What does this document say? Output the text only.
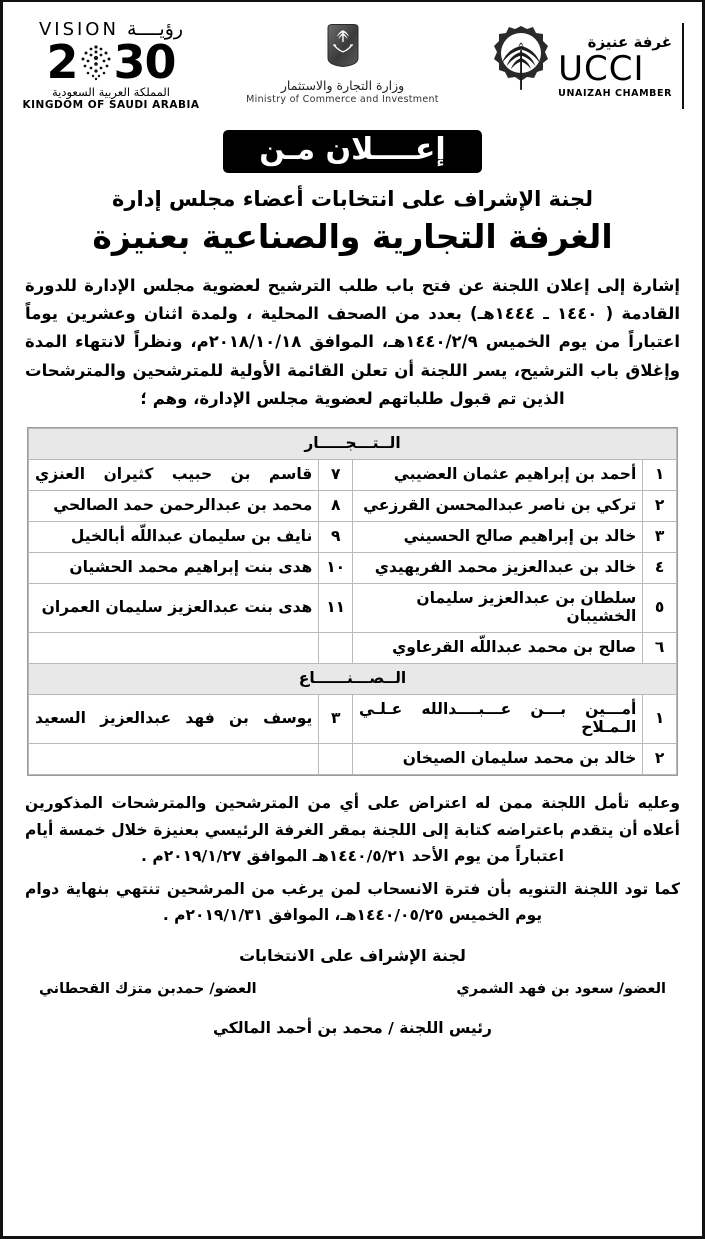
رؤيــــة
VISION
30
2
المملكة العربية السعودية
KINGDOM OF SAUDI ARABIA
وزارة التجارة والاستثمار
Ministry of Commerce and Investment
غرفة عنيزة
UCCI
UNAIZAH CHAMBER
إعــــلان مـن
لجنة الإشراف على انتخابات أعضاء مجلس إدارة
الغرفة التجارية والصناعية بعنيزة

إشارة إلى إعلان اللجنة عن فتح باب طلب الترشيح لعضوية مجلس الإدارة للدورة القادمة ( ١٤٤٠ ـ ١٤٤٤هـ) بعدد من الصحف المحلية ، ولمدة اثنان وعشرين يوماً اعتباراً من يوم الخميس ١٤٤٠/٢/٩هـ، الموافق ٢٠١٨/١٠/١٨م، ونظراً لانتهاء المدة وإغلاق باب الترشيح، يسر اللجنة أن تعلن القائمة الأولية للمترشحين والمترشحات الذين تم قبول طلباتهم لعضوية مجلس الإدارة، وهم ؛

الــتـــجـــــار			
١	أحمد بن إبراهيم عثمان العضيبي	٧	قاسم بن حبيب كثيران العنزي
٢	تركي بن ناصر عبدالمحسن القرزعي	٨	محمد بن عبدالرحمن حمد الصالحي
٣	خالد بن إبراهيم صالح الحسيني	٩	نايف بن سليمان عبداللّه أبالخيل
٤	خالد بن عبدالعزيز محمد الفريهيدي	١٠	هدى بنت إبراهيم محمد الحشيان
٥	سلطان بن عبدالعزيز سليمان الخشيبان	١١	هدى بنت عبدالعزيز سليمان العمران
٦	صالح بن محمد عبداللّه القرعاوي		
الــصـــنــــــاع			
١	أمـــين بـــن عـــبــــدالله عـلـي الـمـلاح	٣	يوسف بن فهد عبدالعزيز السعيد
٢	خالد بن محمد سليمان الصيخان		

وعليه تأمل اللجنة ممن له اعتراض على أي من المترشحين والمترشحات المذكورين أعلاه أن يتقدم باعتراضه كتابة إلى اللجنة بمقر الغرفة الرئيسي بعنيزة خلال خمسة أيام اعتباراً من يوم الأحد ١٤٤٠/٥/٢١هـ الموافق ٢٠١٩/١/٢٧م .

كما تود اللجنة التنويه بأن فترة الانسحاب لمن يرغب من المرشحين تنتهي بنهاية دوام يوم الخميس ١٤٤٠/٠٥/٢٥هـ، الموافق ٢٠١٩/١/٣١م .

لجنة الإشراف على الانتخابات
العضو/ سعود بن فهد الشمري
العضو/ حمدبن متزك القحطاني
رئيس اللجنة / محمد بن أحمد المالكي
